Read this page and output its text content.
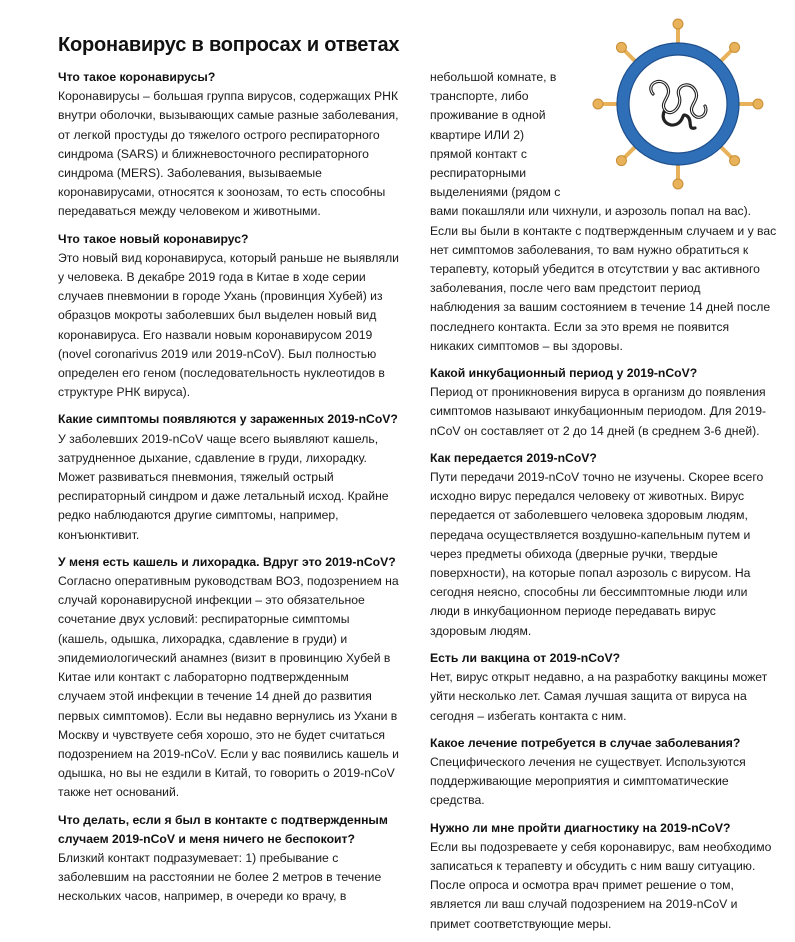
Коронавирус в вопросах и ответах
Что такое коронавирусы?
Коронавирусы – большая группа вирусов, содержащих РНК
внутри оболочки, вызывающих самые разные заболевания,
от легкой простуды до тяжелого острого респираторного
синдрома (SARS) и ближневосточного респираторного
синдрома (MERS). Заболевания, вызываемые
коронавирусами, относятся к зоонозам, то есть способны
передаваться между человеком и животными.
Что такое новый коронавирус?
Это новый вид коронавируса, который раньше не выявляли
у человека. В декабре 2019 года в Китае в ходе серии
случаев пневмонии в городе Ухань (провинция Хубей) из
образцов мокроты заболевших был выделен новый вид
коронавируса. Его назвали новым коронавирусом 2019
(novel coronarivus 2019 или 2019-nCoV). Был полностью
определен его геном (последовательность нуклеотидов в
структуре РНК вируса).
Какие симптомы появляются у зараженных 2019-nCoV?
У заболевших 2019-nCoV чаще всего выявляют кашель,
затрудненное дыхание, сдавление в груди, лихорадку.
Может развиваться пневмония, тяжелый острый
респираторный синдром и даже летальный исход. Крайне
редко наблюдаются другие симптомы, например,
конъюнктивит.
У меня есть кашель и лихорадка. Вдруг это 2019-nCoV?
Согласно оперативным руководствам ВОЗ, подозрением на
случай коронавирусной инфекции – это обязательное
сочетание двух условий: респираторные симптомы
(кашель, одышка, лихорадка, сдавление в груди) и
эпидемиологический анамнез (визит в провинцию Хубей в
Китае или контакт с лабораторно подтвержденным
случаем этой инфекции в течение 14 дней до развития
первых симптомов). Если вы недавно вернулись из Ухани в
Москву и чувствуете себя хорошо, это не будет считаться
подозрением на 2019-nCoV. Если у вас появились кашель и
одышка, но вы не ездили в Китай, то говорить о 2019-nCoV
также нет оснований.
Что делать, если я был в контакте с подтвержденным
случаем 2019-nCoV и меня ничего не беспокоит?
Близкий контакт подразумевает: 1) пребывание с
заболевшим на расстоянии не более 2 метров в течение
нескольких часов, например, в очереди ко врачу, в
небольшой комнате, в
транспорте, либо
проживание в одной
квартире ИЛИ 2)
прямой контакт с
респираторными
выделениями (рядом с
вами покашляли или чихнули, и аэрозоль попал на вас).
Если вы были в контакте с подтвержденным случаем и у вас
нет симптомов заболевания, то вам нужно обратиться к
терапевту, который убедится в отсутствии у вас активного
заболевания, после чего вам предстоит период
наблюдения за вашим состоянием в течение 14 дней после
последнего контакта. Если за это время не появится
никаких симптомов – вы здоровы.
Какой инкубационный период у 2019-nCoV?
Период от проникновения вируса в организм до появления
симптомов называют инкубационным периодом. Для 2019-
nCoV он составляет от 2 до 14 дней (в среднем 3-6 дней).
Как передается 2019-nCoV?
Пути передачи 2019-nCoV точно не изучены. Скорее всего
исходно вирус передался человеку от животных. Вирус
передается от заболевшего человека здоровым людям,
передача осуществляется воздушно-капельным путем и
через предметы обихода (дверные ручки, твердые
поверхности), на которые попал аэрозоль с вирусом. На
сегодня неясно, способны ли бессимптомные люди или
люди в инкубационном периоде передавать вирус
здоровым людям.
Есть ли вакцина от 2019-nCoV?
Нет, вирус открыт недавно, а на разработку вакцины может
уйти несколько лет. Самая лучшая защита от вируса на
сегодня – избегать контакта с ним.
Какое лечение потребуется в случае заболевания?
Специфического лечения не существует. Используются
поддерживающие мероприятия и симптоматические
средства.
Нужно ли мне пройти диагностику на 2019-nCoV?
Если вы подозреваете у себя коронавирус, вам необходимо
записаться к терапевту и обсудить с ним вашу ситуацию.
После опроса и осмотра врач примет решение о том,
является ли ваш случай подозрением на 2019-nCoV и
примет соответствующие меры.
